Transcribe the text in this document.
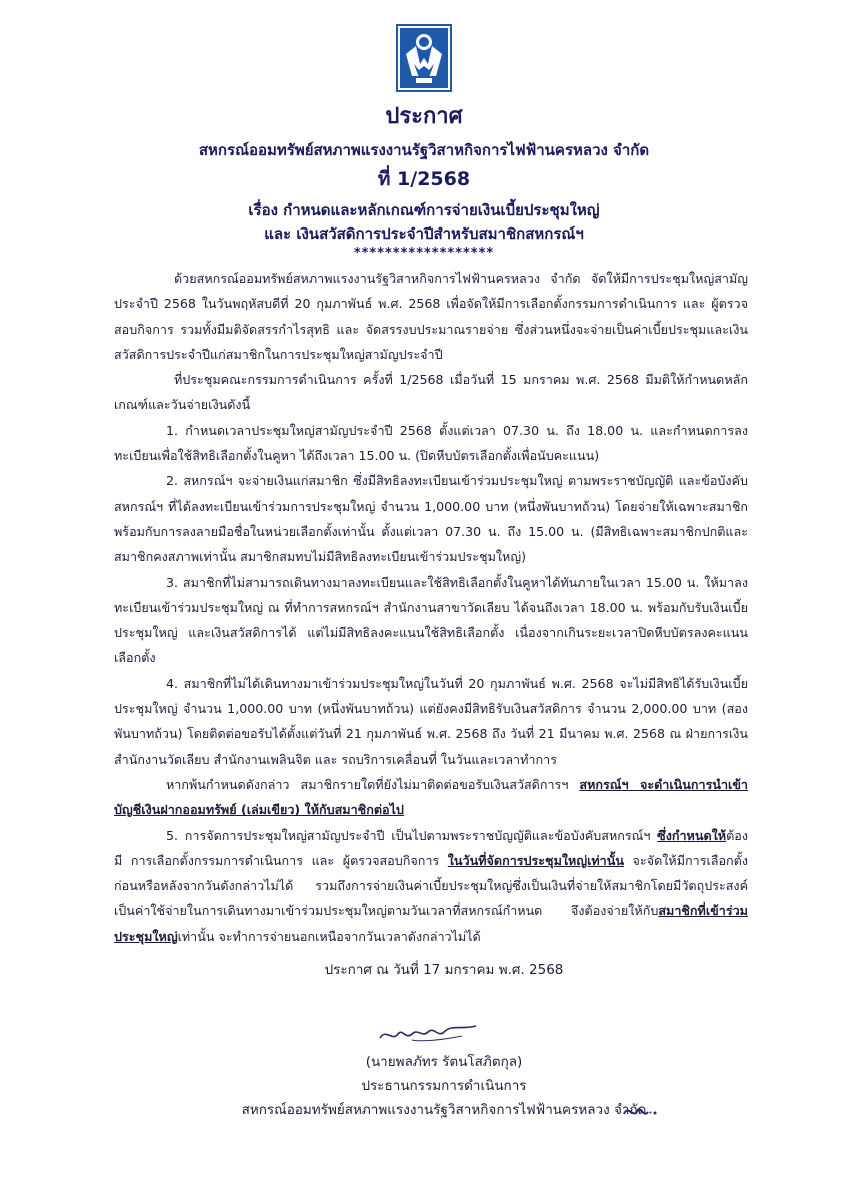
ประกาศ
สหกรณ์ออมทรัพย์สหภาพแรงงานรัฐวิสาหกิจการไฟฟ้านครหลวง จำกัด
ที่ 1/2568
เรื่อง กำหนดและหลักเกณฑ์การจ่ายเงินเบี้ยประชุมใหญ่
และ เงินสวัสดิการประจำปีสำหรับสมาชิกสหกรณ์ฯ
******************

ด้วยสหกรณ์ออมทรัพย์สหภาพแรงงานรัฐวิสาหกิจการไฟฟ้านครหลวง จำกัด จัดให้มีการประชุมใหญ่สามัญประจำปี 2568 ในวันพฤหัสบดีที่ 20 กุมภาพันธ์ พ.ศ. 2568 เพื่อจัดให้มีการเลือกตั้งกรรมการดำเนินการ และ ผู้ตรวจสอบกิจการ รวมทั้งมีมติจัดสรรกำไรสุทธิ และ จัดสรรงบประมาณรายจ่าย ซึ่งส่วนหนึ่งจะจ่ายเป็นค่าเบี้ยประชุมและเงินสวัสดิการประจำปีแก่สมาชิกในการประชุมใหญ่สามัญประจำปี

ที่ประชุมคณะกรรมการดำเนินการ ครั้งที่ 1/2568 เมื่อวันที่ 15 มกราคม พ.ศ. 2568 มีมติให้กำหนดหลักเกณฑ์และวันจ่ายเงินดังนี้

1. กำหนดเวลาประชุมใหญ่สามัญประจำปี 2568 ตั้งแต่เวลา 07.30 น. ถึง 18.00 น. และกำหนดการลงทะเบียนเพื่อใช้สิทธิเลือกตั้งในคูหา ได้ถึงเวลา 15.00 น. (ปิดหีบบัตรเลือกตั้งเพื่อนับคะแนน)

2. สหกรณ์ฯ จะจ่ายเงินแก่สมาชิก ซึ่งมีสิทธิลงทะเบียนเข้าร่วมประชุมใหญ่ ตามพระราชบัญญัติ และข้อบังคับสหกรณ์ฯ ที่ได้ลงทะเบียนเข้าร่วมการประชุมใหญ่ จำนวน 1,000.00 บาท (หนึ่งพันบาทถ้วน) โดยจ่ายให้เฉพาะสมาชิก พร้อมกับการลงลายมือชื่อในหน่วยเลือกตั้งเท่านั้น ตั้งแต่เวลา 07.30 น. ถึง 15.00 น. (มีสิทธิเฉพาะสมาชิกปกติและสมาชิกคงสภาพเท่านั้น สมาชิกสมทบไม่มีสิทธิลงทะเบียนเข้าร่วมประชุมใหญ่)

3. สมาชิกที่ไม่สามารถเดินทางมาลงทะเบียนและใช้สิทธิเลือกตั้งในคูหาได้ทันภายในเวลา 15.00 น. ให้มาลงทะเบียนเข้าร่วมประชุมใหญ่ ณ ที่ทำการสหกรณ์ฯ สำนักงานสาขาวัดเลียบ ได้จนถึงเวลา 18.00 น. พร้อมกับรับเงินเบี้ยประชุมใหญ่ และเงินสวัสดิการได้ แต่ไม่มีสิทธิลงคะแนนใช้สิทธิเลือกตั้ง เนื่องจากเกินระยะเวลาปิดหีบบัตรลงคะแนนเลือกตั้ง

4. สมาชิกที่ไม่ได้เดินทางมาเข้าร่วมประชุมใหญ่ในวันที่ 20 กุมภาพันธ์ พ.ศ. 2568 จะไม่มีสิทธิได้รับเงินเบี้ยประชุมใหญ่ จำนวน 1,000.00 บาท (หนึ่งพันบาทถ้วน) แต่ยังคงมีสิทธิรับเงินสวัสดิการ จำนวน 2,000.00 บาท (สองพันบาทถ้วน) โดยติดต่อขอรับได้ตั้งแต่วันที่ 21 กุมภาพันธ์ พ.ศ. 2568 ถึง วันที่ 21 มีนาคม พ.ศ. 2568 ณ ฝ่ายการเงิน สำนักงานวัดเลียบ สำนักงานเพลินจิต และ รถบริการเคลื่อนที่ ในวันและเวลาทำการ

หากพ้นกำหนดดังกล่าว สมาชิกรายใดที่ยังไม่มาติดต่อขอรับเงินสวัสดิการฯ สหกรณ์ฯ จะดำเนินการนำเข้าบัญชีเงินฝากออมทรัพย์ (เล่มเขียว) ให้กับสมาชิกต่อไป

5. การจัดการประชุมใหญ่สามัญประจำปี เป็นไปตามพระราชบัญญัติและข้อบังคับสหกรณ์ฯ ซึ่งกำหนดให้ต้องมี การเลือกตั้งกรรมการดำเนินการ และ ผู้ตรวจสอบกิจการ ในวันที่จัดการประชุมใหญ่เท่านั้น จะจัดให้มีการเลือกตั้งก่อนหรือหลังจากวันดังกล่าวไม่ได้ รวมถึงการจ่ายเงินค่าเบี้ยประชุมใหญ่ซึ่งเป็นเงินที่จ่ายให้สมาชิกโดยมีวัตถุประสงค์เป็นค่าใช้จ่ายในการเดินทางมาเข้าร่วมประชุมใหญ่ตามวันเวลาที่สหกรณ์กำหนด จึงต้องจ่ายให้กับสมาชิกที่เข้าร่วมประชุมใหญ่เท่านั้น จะทำการจ่ายนอกเหนือจากวันเวลาดังกล่าวไม่ได้

ประกาศ ณ วันที่ 17 มกราคม พ.ศ. 2568
(นายพลภัทร รัตนโสภิตกุล)
ประธานกรรมการดำเนินการ
สหกรณ์ออมทรัพย์สหภาพแรงงานรัฐวิสาหกิจการไฟฟ้านครหลวง จำกัด
